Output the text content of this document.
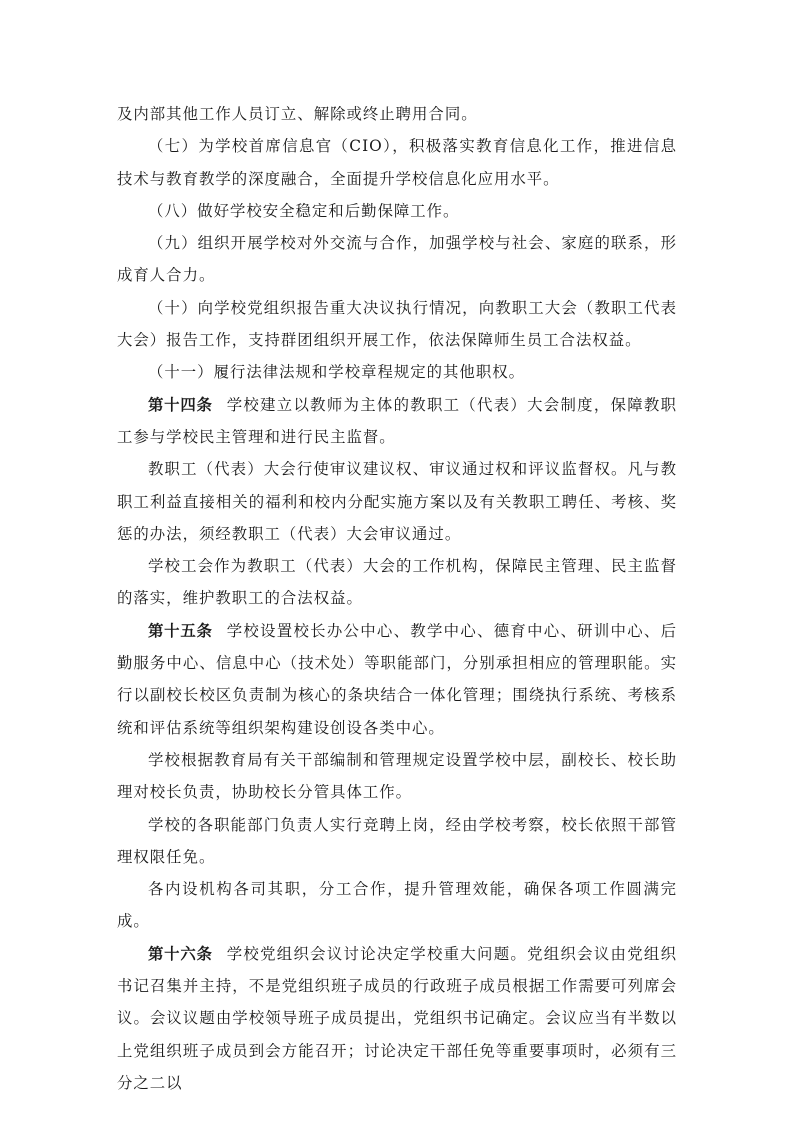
及内部其他工作人员订立、解除或终止聘用合同。

（七）为学校首席信息官（CIO），积极落实教育信息化工作，推进信息技术与教育教学的深度融合，全面提升学校信息化应用水平。

（八）做好学校安全稳定和后勤保障工作。

（九）组织开展学校对外交流与合作，加强学校与社会、家庭的联系，形成育人合力。

（十）向学校党组织报告重大决议执行情况，向教职工大会（教职工代表大会）报告工作，支持群团组织开展工作，依法保障师生员工合法权益。

（十一）履行法律法规和学校章程规定的其他职权。

第十四条 学校建立以教师为主体的教职工（代表）大会制度，保障教职工参与学校民主管理和进行民主监督。

教职工（代表）大会行使审议建议权、审议通过权和评议监督权。凡与教职工利益直接相关的福利和校内分配实施方案以及有关教职工聘任、考核、奖惩的办法，须经教职工（代表）大会审议通过。

学校工会作为教职工（代表）大会的工作机构，保障民主管理、民主监督的落实，维护教职工的合法权益。

第十五条 学校设置校长办公中心、教学中心、德育中心、研训中心、后勤服务中心、信息中心（技术处）等职能部门，分别承担相应的管理职能。实行以副校长校区负责制为核心的条块结合一体化管理；围绕执行系统、考核系统和评估系统等组织架构建设创设各类中心。

学校根据教育局有关干部编制和管理规定设置学校中层，副校长、校长助理对校长负责，协助校长分管具体工作。

学校的各职能部门负责人实行竞聘上岗，经由学校考察，校长依照干部管理权限任免。

各内设机构各司其职，分工合作，提升管理效能，确保各项工作圆满完成。

第十六条 学校党组织会议讨论决定学校重大问题。党组织会议由党组织书记召集并主持，不是党组织班子成员的行政班子成员根据工作需要可列席会议。会议议题由学校领导班子成员提出，党组织书记确定。会议应当有半数以上党组织班子成员到会方能召开；讨论决定干部任免等重要事项时，必须有三分之二以
